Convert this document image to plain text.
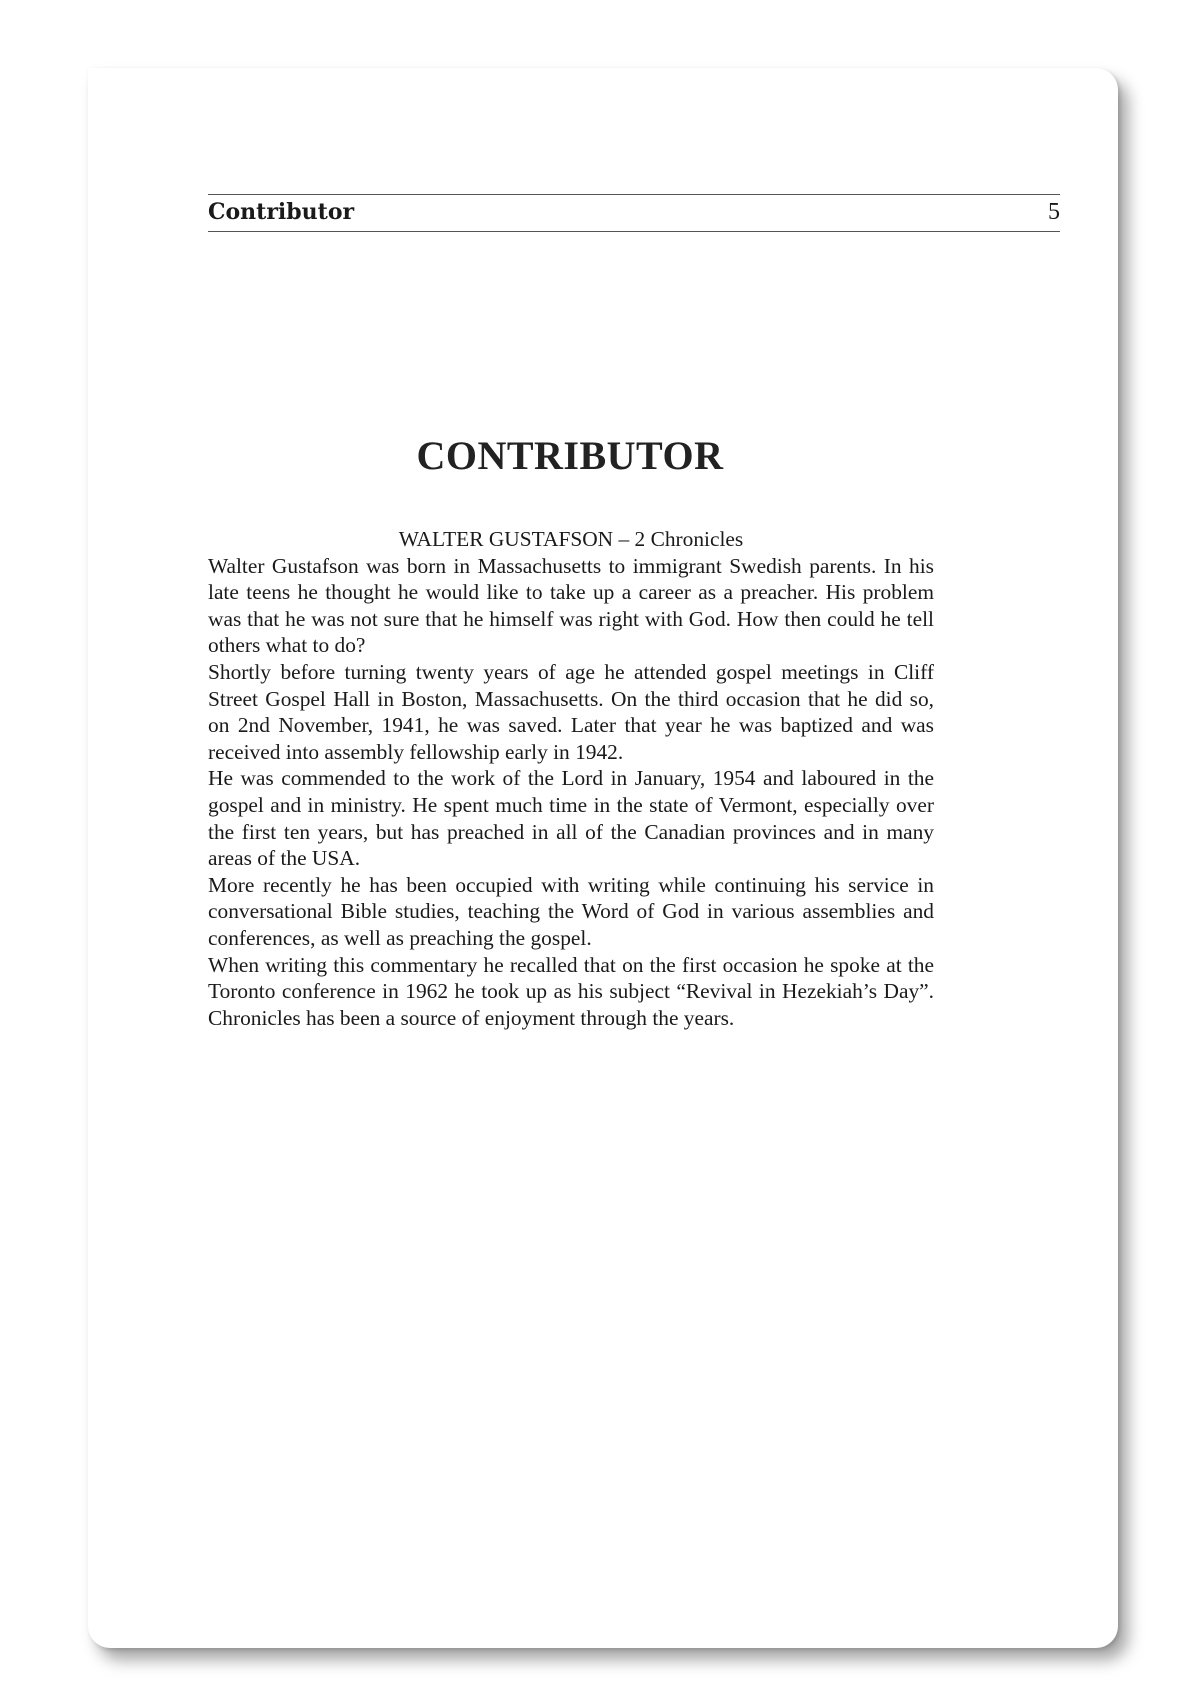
Contributor	5
CONTRIBUTOR

WALTER GUSTAFSON – 2 Chronicles

Walter Gustafson was born in Massachusetts to immigrant Swedish parents. In his late teens he thought he would like to take up a career as a preacher. His problem was that he was not sure that he himself was right with God. How then could he tell others what to do?

Shortly before turning twenty years of age he attended gospel meetings in Cliff Street Gospel Hall in Boston, Massachusetts. On the third occasion that he did so, on 2nd November, 1941, he was saved. Later that year he was baptized and was received into assembly fellowship early in 1942.

He was commended to the work of the Lord in January, 1954 and laboured in the gospel and in ministry. He spent much time in the state of Vermont, especially over the first ten years, but has preached in all of the Canadian provinces and in many areas of the USA.

More recently he has been occupied with writing while continuing his service in conversational Bible studies, teaching the Word of God in various assemblies and conferences, as well as preaching the gospel.

When writing this commentary he recalled that on the first occasion he spoke at the Toronto conference in 1962 he took up as his subject “Revival in Hezekiah’s Day”. Chronicles has been a source of enjoyment through the years.
